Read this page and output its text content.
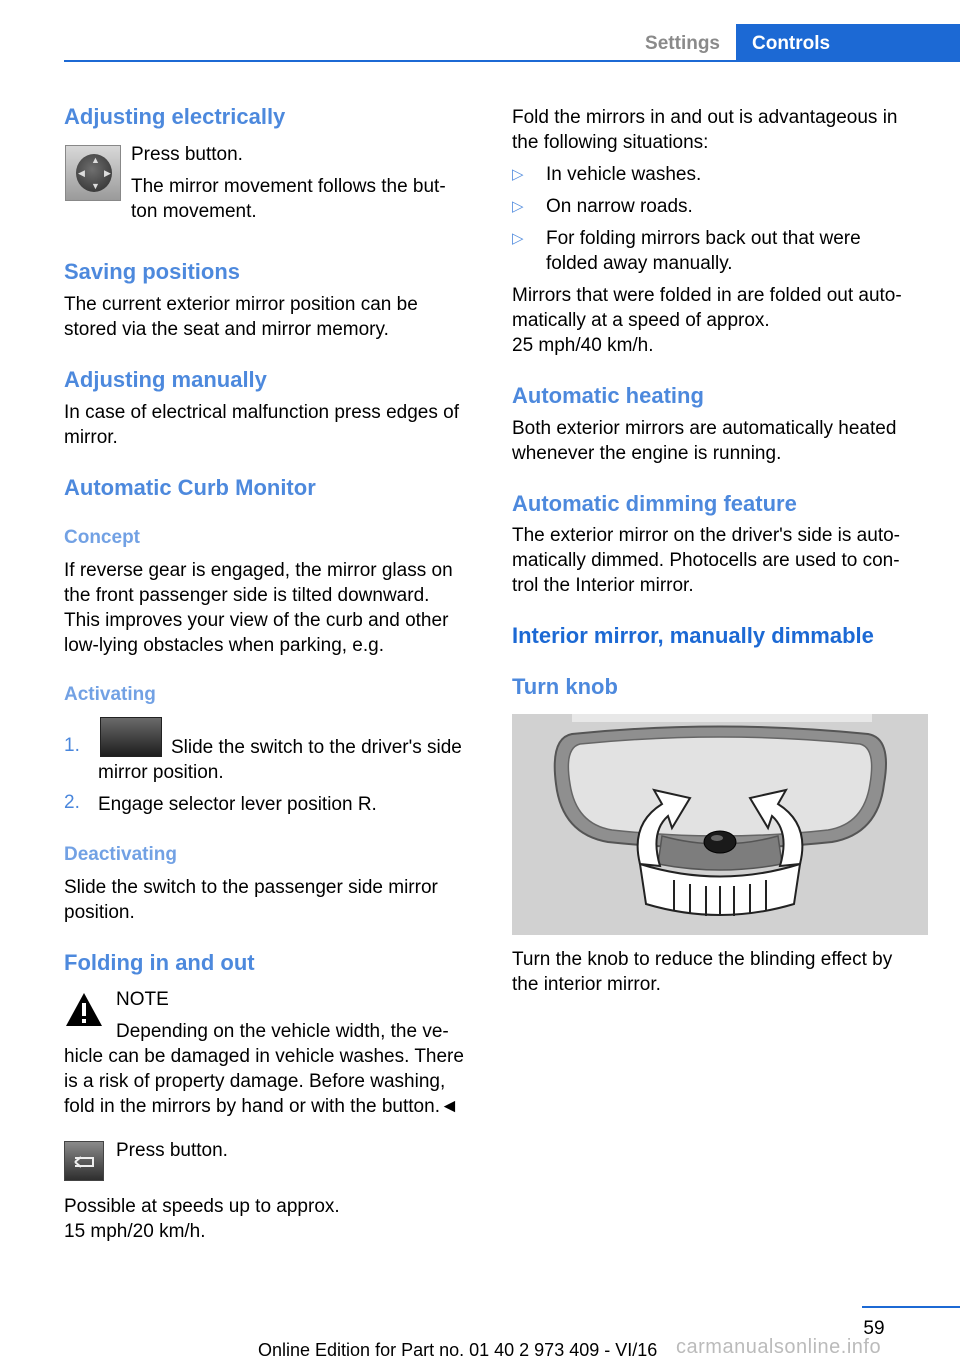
Settings	Controls
Adjusting electrically
▲
▼
◀ ▶
Press button.
The mirror movement follows the but‐
ton movement.
Saving positions
The current exterior mirror position can be
stored via the seat and mirror memory.
Adjusting manually
In case of electrical malfunction press edges of
mirror.
Automatic Curb Monitor
Concept
If reverse gear is engaged, the mirror glass on
the front passenger side is tilted downward.
This improves your view of the curb and other
low-lying obstacles when parking, e.g.
Activating
1.	Slide the switch to the driver's side
mirror position.
2. Engage selector lever position R.
Deactivating
Slide the switch to the passenger side mirror
position.
Folding in and out
NOTE
Depending on the vehicle width, the ve‐
hicle can be damaged in vehicle washes. There
is a risk of property damage. Before washing,
fold in the mirrors by hand or with the button.◄
Press button.
Possible at speeds up to approx.
15 mph/20 km/h.
Fold the mirrors in and out is advantageous in
the following situations:
▷ In vehicle washes.
▷ On narrow roads.
▷ For folding mirrors back out that were
folded away manually.
Mirrors that were folded in are folded out auto‐
matically at a speed of approx.
25 mph/40 km/h.
Automatic heating
Both exterior mirrors are automatically heated
whenever the engine is running.
Automatic dimming feature
The exterior mirror on the driver's side is auto‐
matically dimmed. Photocells are used to con‐
trol the Interior mirror.
Interior mirror, manually dimmable
Turn knob
Turn the knob to reduce the blinding effect by
the interior mirror.
59
Online Edition for Part no. 01 40 2 973 409 - VI/16 carmanualsonline.info
